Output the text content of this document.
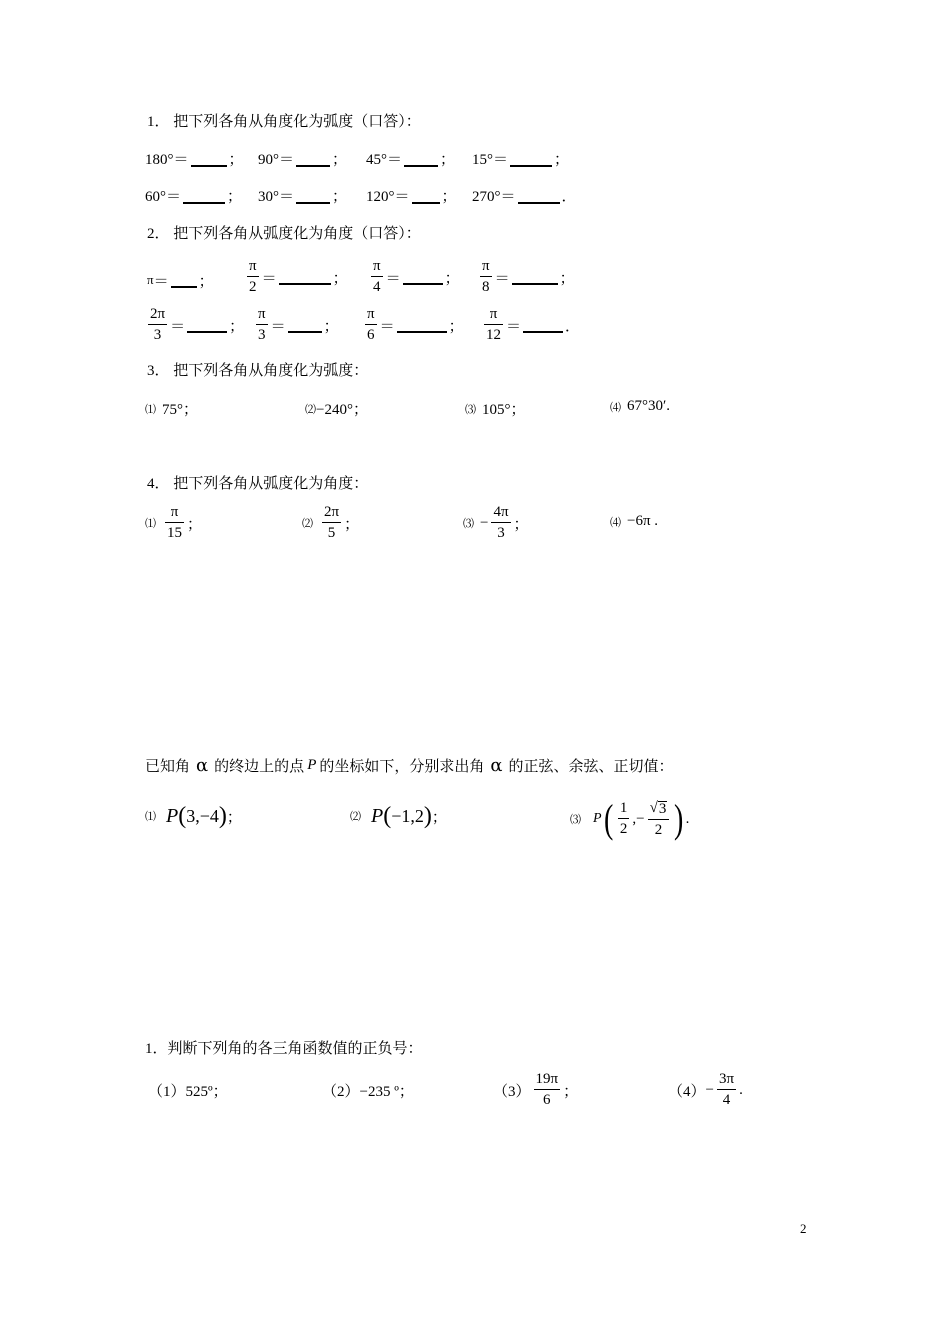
1． 把下列各角从角度化为弧度（口答）：
180°＝	； 90°＝	； 45°＝	； 15°＝	；
60°＝	； 30°＝	； 120°＝ ； 270°＝	．
2． 把下列各角从弧度化为角度（口答）：
π ＝ ； $\frac{\pi}{2}$ ＝	； $\frac{\pi}{4}$ ＝	； $\frac{\pi}{8}$ ＝	；
$\frac{2\pi}{3}$ ＝	； $\frac{\pi}{3}$ ＝	； $\frac{\pi}{6}$ ＝	； $\frac{\pi}{12}$ ＝	．
3． 把下列各角从角度化为弧度：
⑴ 75°；	⑵ −240°；	⑶ 105°；	⑷ 67°30′.
4． 把下列各角从弧度化为角度：
⑴ $\frac{\pi}{15}$ ；	⑵ $\frac{2\pi}{5}$ ；	⑶ − $\frac{4\pi}{3}$ ；	⑷ −6π .
已知角 α 的终边上的点 P 的坐标如下，分别求出角 α 的正弦、余弦、正切值：
⑴ P ( 3,−4 ) ；	⑵ P ( −1,2 ) ；	⑶ P ( $\frac{1}{2}$ ,− $\frac{√ 3}{2}$ ) .
1．判断下列角的各三角函数值的正负号：
（1） 525º；	（2） −235 º；	$(3) \frac{19\pi}{6}$ ；	$(4) - \frac{3\pi}{4}$ .
2
